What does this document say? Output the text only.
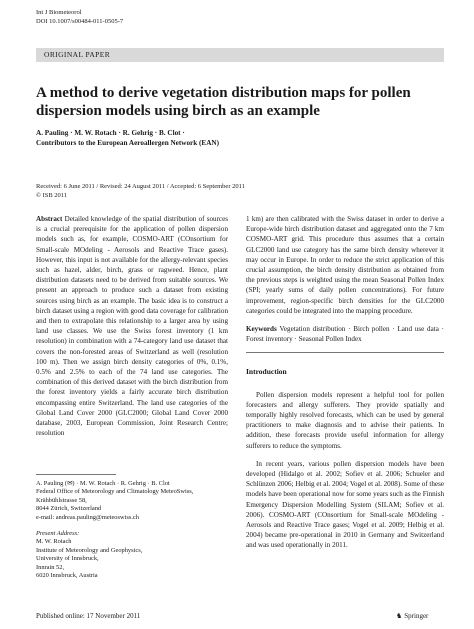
Int J Biometeorol
DOI 10.1007/s00484-011-0505-7
ORIGINAL PAPER
A method to derive vegetation distribution maps for pollen dispersion models using birch as an example
A. Pauling · M. W. Rotach · R. Gehrig · B. Clot ·
Contributors to the European Aeroallergen Network (EAN)
Received: 6 June 2011 / Revised: 24 August 2011 / Accepted: 6 September 2011
© ISB 2011

Abstract Detailed knowledge of the spatial distribution of sources is a crucial prerequisite for the application of pollen dispersion models such as, for example, COSMO-ART (COnsortium for Small-scale MOdeling - Aerosols and Reactive Trace gases). However, this input is not available for the allergy-relevant species such as hazel, alder, birch, grass or ragweed. Hence, plant distribution datasets need to be derived from suitable sources. We present an approach to produce such a dataset from existing sources using birch as an example. The basic idea is to construct a birch dataset using a region with good data coverage for calibration and then to extrapolate this relationship to a larger area by using land use classes. We use the Swiss forest inventory (1 km resolution) in combination with a 74-category land use dataset that covers the non-forested areas of Switzerland as well (resolution 100 m). Then we assign birch density categories of 0%, 0.1%, 0.5% and 2.5% to each of the 74 land use categories. The combination of this derived dataset with the birch distribution from the forest inventory yields a fairly accurate birch distribution encompassing entire Switzerland. The land use categories of the Global Land Cover 2000 (GLC2000; Global Land Cover 2000 database, 2003, European Commission, Joint Research Centre; resolution

1 km) are then calibrated with the Swiss dataset in order to derive a Europe-wide birch distribution dataset and aggregated onto the 7 km COSMO-ART grid. This procedure thus assumes that a certain GLC2000 land use category has the same birch density wherever it may occur in Europe. In order to reduce the strict application of this crucial assumption, the birch density distribution as obtained from the previous steps is weighted using the mean Seasonal Pollen Index (SPI; yearly sums of daily pollen concentrations). For future improvement, region-specific birch densities for the GLC2000 categories could be integrated into the mapping procedure.

Keywords Vegetation distribution · Birch pollen · Land use data · Forest inventory · Seasonal Pollen Index

Introduction

Pollen dispersion models represent a helpful tool for pollen forecasters and allergy sufferers. They provide spatially and temporally highly resolved forecasts, which can be used by general practitioners to make diagnosis and to advise their patients. In addition, these forecasts provide useful information for allergy sufferers to reduce the symptoms.

In recent years, various pollen dispersion models have been developed (Hidalgo et al. 2002; Sofiev et al. 2006; Schueler and Schlünzen 2006; Helbig et al. 2004; Vogel et al. 2008). Some of these models have been operational now for some years such as the Finnish Emergency Dispersion Modelling System (SILAM; Sofiev et al. 2006). COSMO-ART (COnsortium for Small-scale MOdeling - Aerosols and Reactive Trace gases; Vogel et al. 2009; Helbig et al. 2004) became pre-operational in 2010 in Germany and Switzerland and was used operationally in 2011.

A. Pauling (✉) · M. W. Rotach · R. Gehrig · B. Clot

Federal Office of Meteorology and Climatology MeteoSwiss,

Krähbühlstrasse 58,

8044 Zürich, Switzerland

e-mail: andreas.pauling@meteoswiss.ch

Present Address:

M. W. Rotach

Institute of Meteorology and Geophysics,

University of Innsbruck,

Innrain 52,

6020 Innsbruck, Austria

Published online: 17 November 2011	♞ Springer
